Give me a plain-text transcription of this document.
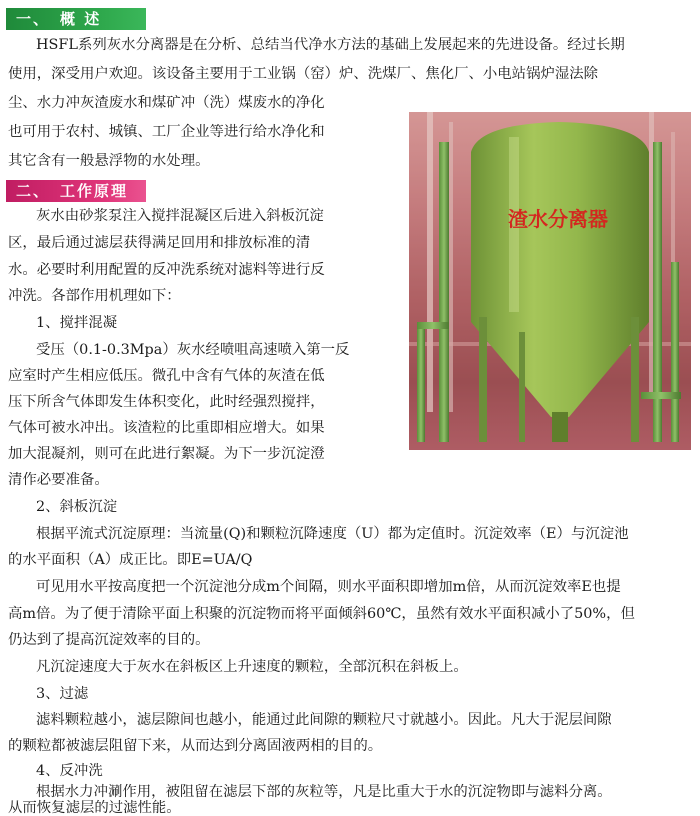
一、 概 述
二、 工作原理

HSFL系列灰水分离器是在分析、总结当代净水方法的基础上发展起来的先进设备。经过长期

使用，深受用户欢迎。该设备主要用于工业锅（窑）炉、洗煤厂、焦化厂、小电站锅炉湿法除

尘、水力冲灰渣废水和煤矿冲（洗）煤废水的净化

也可用于农村、城镇、工厂企业等进行给水净化和

其它含有一般悬浮物的水处理。

灰水由砂浆泵注入搅拌混凝区后进入斜板沉淀

区，最后通过滤层获得满足回用和排放标准的清

水。必要时利用配置的反冲洗系统对滤料等进行反

冲洗。各部作用机理如下：

1、搅拌混凝

受压（0.1-0.3Mpa）灰水经喷咀高速喷入第一反

应室时产生相应低压。微孔中含有气体的灰渣在低

压下所含气体即发生体积变化，此时经强烈搅拌，

气体可被水冲出。该渣粒的比重即相应增大。如果

加大混凝剂，则可在此进行絮凝。为下一步沉淀澄

清作必要准备。

2、斜板沉淀

根据平流式沉淀原理：当流量(Q)和颗粒沉降速度（U）都为定值时。沉淀效率（E）与沉淀池

的水平面积（A）成正比。即E=UA/Q

可见用水平按高度把一个沉淀池分成m个间隔，则水平面积即增加m倍，从而沉淀效率E也提

高m倍。为了便于清除平面上积聚的沉淀物而将平面倾斜60℃，虽然有效水平面积减小了50%，但

仍达到了提高沉淀效率的目的。

凡沉淀速度大于灰水在斜板区上升速度的颗粒，全部沉积在斜板上。

3、过滤

滤料颗粒越小，滤层隙间也越小，能通过此间隙的颗粒尺寸就越小。因此。凡大于泥层间隙

的颗粒都被滤层阻留下来，从而达到分离固液两相的目的。

4、反冲洗

根据水力冲涮作用，被阻留在滤层下部的灰粒等，凡是比重大于水的沉淀物即与滤料分离。

从而恢复滤层的过滤性能。

渣水分离器
